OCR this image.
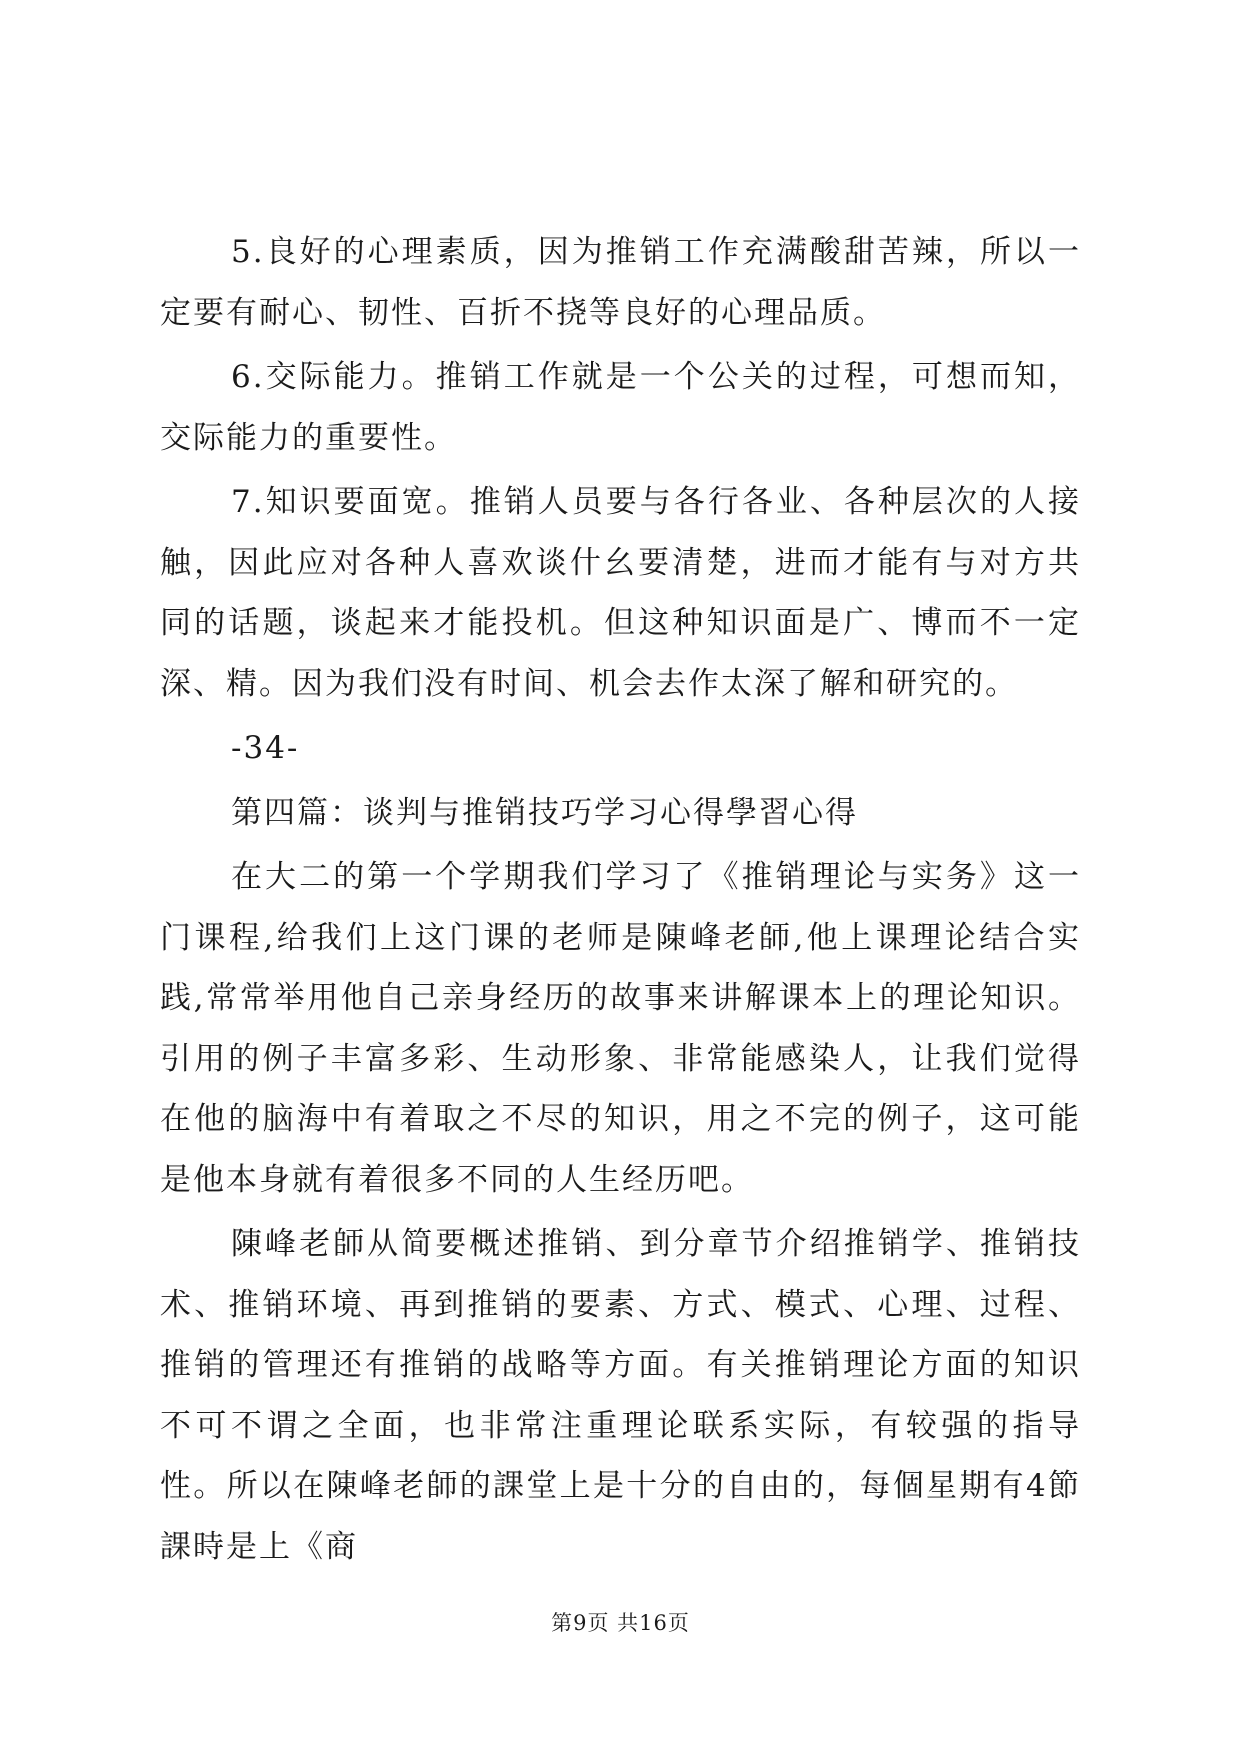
5.良好的心理素质，因为推销工作充满酸甜苦辣，所以一定要有耐心、韧性、百折不挠等良好的心理品质。

6.交际能力。推销工作就是一个公关的过程，可想而知，交际能力的重要性。

7.知识要面宽。推销人员要与各行各业、各种层次的人接触，因此应对各种人喜欢谈什幺要清楚，进而才能有与对方共同的话题，谈起来才能投机。但这种知识面是广、博而不一定深、精。因为我们没有时间、机会去作太深了解和研究的。

-34-

第四篇：谈判与推销技巧学习心得學習心得

在大二的第一个学期我们学习了《推销理论与实务》这一门课程,给我们上这门课的老师是陳峰老師,他上课理论结合实践,常常举用他自己亲身经历的故事来讲解课本上的理论知识。引用的例子丰富多彩、生动形象、非常能感染人，让我们觉得在他的脑海中有着取之不尽的知识，用之不完的例子，这可能是他本身就有着很多不同的人生经历吧。

陳峰老師从简要概述推销、到分章节介绍推销学、推销技术、推销环境、再到推销的要素、方式、模式、心理、过程、推销的管理还有推销的战略等方面。有关推销理论方面的知识不可不谓之全面，也非常注重理论联系实际，有较强的指导性。所以在陳峰老師的課堂上是十分的自由的，每個星期有4節課時是上《商

第9页 共16页
